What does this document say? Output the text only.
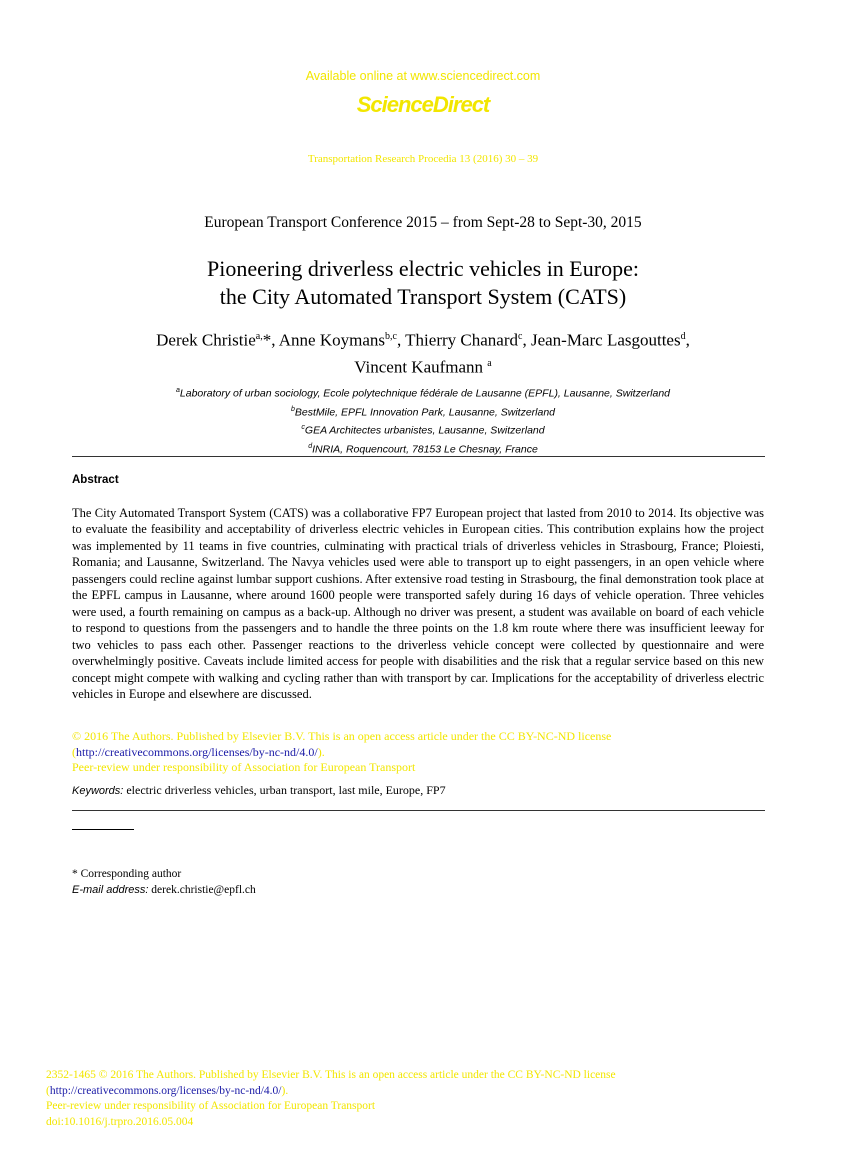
Available online at www.sciencedirect.com
ScienceDirect
Transportation Research Procedia 13 (2016) 30 – 39
European Transport Conference 2015 – from Sept-28 to Sept-30, 2015
Pioneering driverless electric vehicles in Europe:
the City Automated Transport System (CATS)
Derek Christie$^{a,}$*, Anne Koymans$^{b,c}$, Thierry Chanard$^c$, Jean-Marc Lasgouttes$^d$,
Vincent Kaufmann $^a$
$^a$Laboratory of urban sociology, Ecole polytechnique fédérale de Lausanne (EPFL), Lausanne, Switzerland
$^b$BestMile, EPFL Innovation Park, Lausanne, Switzerland
$^c$GEA Architectes urbanistes, Lausanne, Switzerland
$^d$INRIA, Roquencourt, 78153 Le Chesnay, France
Abstract
The City Automated Transport System (CATS) was a collaborative FP7 European project that lasted from 2010 to 2014. Its objective was to evaluate the feasibility and acceptability of driverless electric vehicles in European cities. This contribution explains how the project was implemented by 11 teams in five countries, culminating with practical trials of driverless vehicles in Strasbourg, France; Ploiesti, Romania; and Lausanne, Switzerland. The Navya vehicles used were able to transport up to eight passengers, in an open vehicle where passengers could recline against lumbar support cushions. After extensive road testing in Strasbourg, the final demonstration took place at the EPFL campus in Lausanne, where around 1600 people were transported safely during 16 days of vehicle operation. Three vehicles were used, a fourth remaining on campus as a back-up. Although no driver was present, a student was available on board of each vehicle to respond to questions from the passengers and to handle the three points on the 1.8 km route where there was insufficient leeway for two vehicles to pass each other. Passenger reactions to the driverless vehicle concept were collected by questionnaire and were overwhelmingly positive. Caveats include limited access for people with disabilities and the risk that a regular service based on this new concept might compete with walking and cycling rather than with transport by car. Implications for the acceptability of driverless electric vehicles in Europe and elsewhere are discussed.
© 2016 The Authors. Published by Elsevier B.V. This is an open access article under the CC BY-NC-ND license
(http://creativecommons.org/licenses/by-nc-nd/4.0/).
Peer-review under responsibility of Association for European Transport
Keywords: electric driverless vehicles, urban transport, last mile, Europe, FP7
* Corresponding author
E-mail address: derek.christie@epfl.ch
2352-1465 © 2016 The Authors. Published by Elsevier B.V. This is an open access article under the CC BY-NC-ND license
(http://creativecommons.org/licenses/by-nc-nd/4.0/).
Peer-review under responsibility of Association for European Transport
doi:10.1016/j.trpro.2016.05.004
